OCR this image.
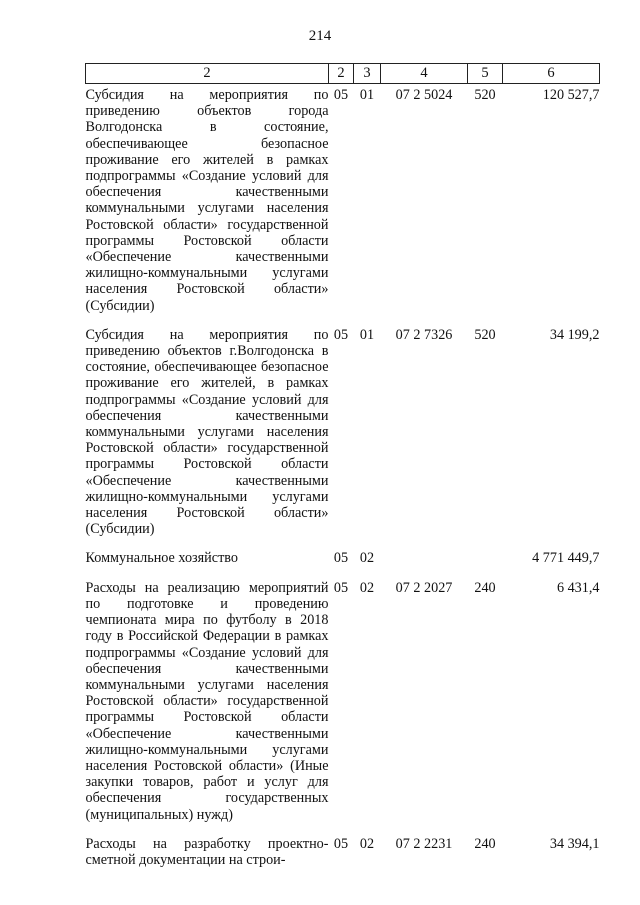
214
2	2	3	4	5	6
Субсидия на мероприятия по приведению объектов города Волгодонска в состояние, обеспечивающее безопасное проживание его жителей в рамках подпрограммы «Создание условий для обеспечения качественными коммунальными услугами населения Ростовской области» государственной программы Ростовской области «Обеспечение качественными жилищно-коммунальными услугами населения Ростовской области» (Субсидии)	05	01	07 2 5024	520	120 527,7
Субсидия на мероприятия по приведению объектов г.Волгодонска в состояние, обеспечивающее безопасное проживание его жителей, в рамках подпрограммы «Создание условий для обеспечения качественными коммунальными услугами населения Ростовской области» государственной программы Ростовской области «Обеспечение качественными жилищно-коммунальными услугами населения Ростовской области» (Субсидии)	05	01	07 2 7326	520	34 199,2
Коммунальное хозяйство	05	02			4 771 449,7
Расходы на реализацию мероприятий по подготовке и проведению чемпионата мира по футболу в 2018 году в Российской Федерации в рамках подпрограммы «Создание условий для обеспечения качественными коммунальными услугами населения Ростовской области» государственной программы Ростовской области «Обеспечение качественными жилищно-коммунальными услугами населения Ростовской области» (Иные закупки товаров, работ и услуг для обеспечения государственных (муниципальных) нужд)	05	02	07 2 2027	240	6 431,4
Расходы на разработку проектно-сметной документации на строи-	05	02	07 2 2231	240	34 394,1
